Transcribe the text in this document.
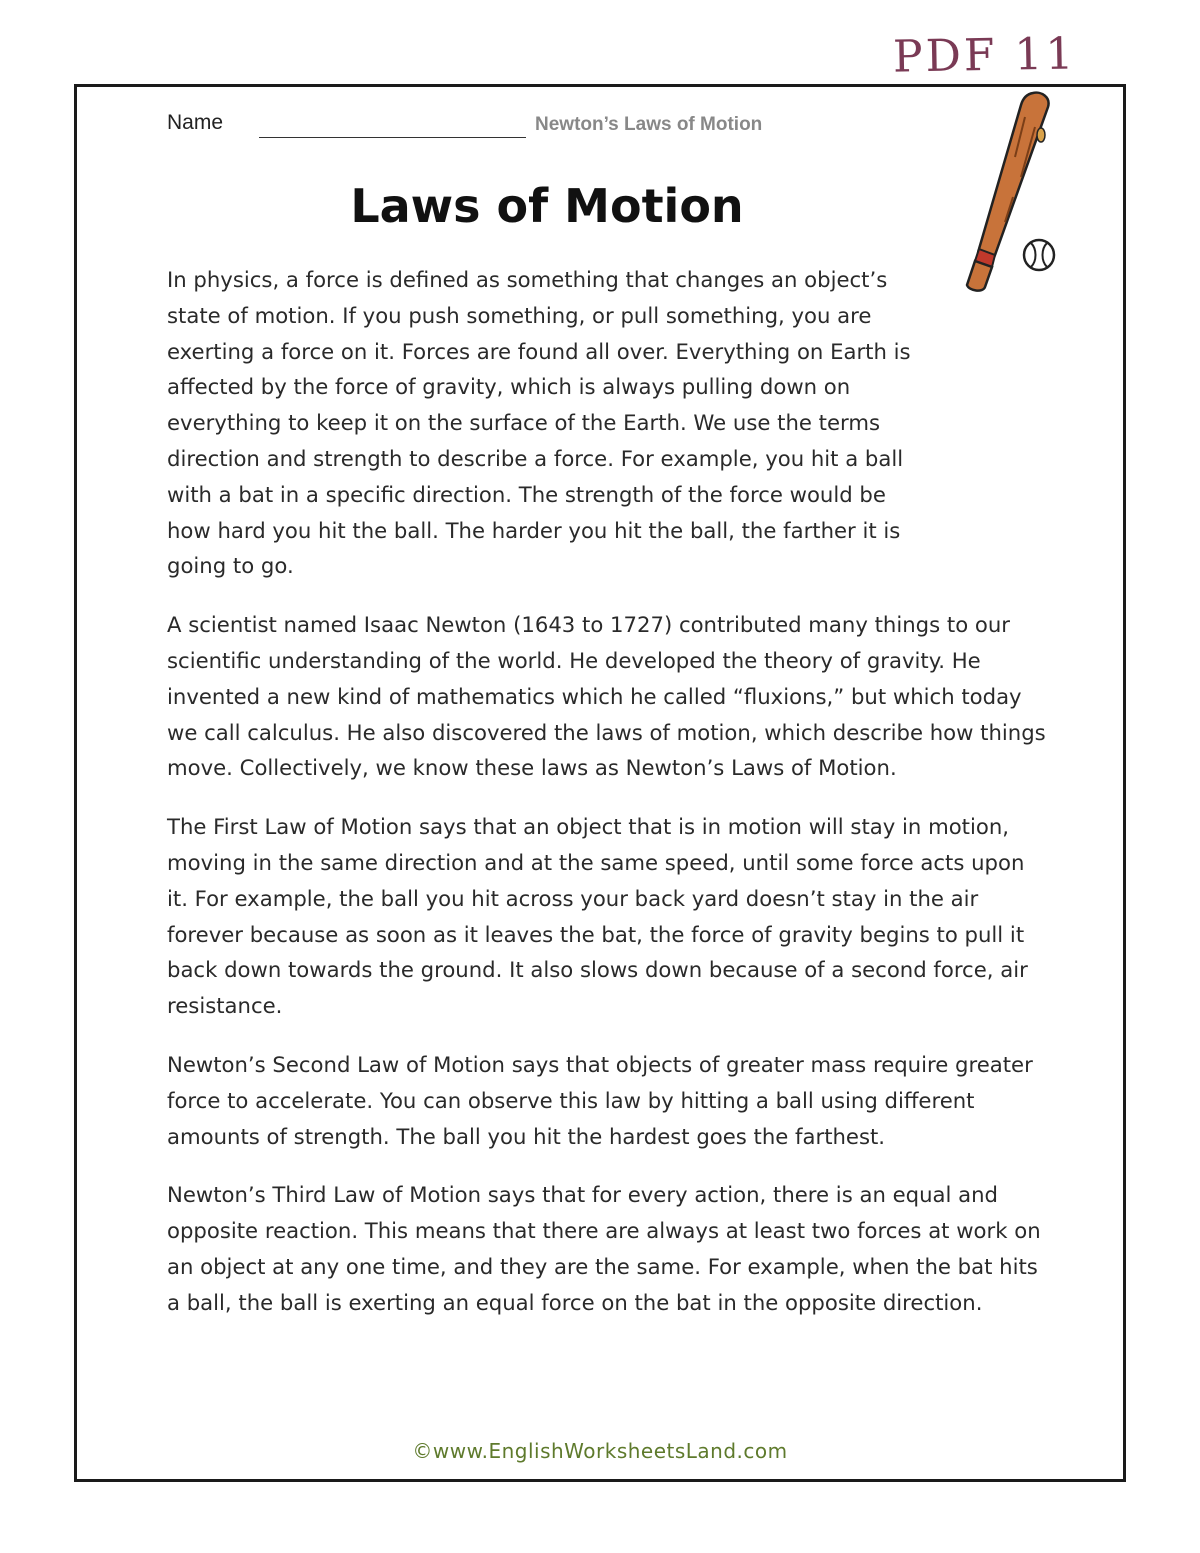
PDF 11
Name	Newton’s Laws of Motion
Laws of Motion

In physics, a force is defined as something that changes an object’s state of motion. If you push something, or pull something, you are exerting a force on it. Forces are found all over. Everything on Earth is affected by the force of gravity, which is always pulling down on everything to keep it on the surface of the Earth. We use the terms direction and strength to describe a force. For example, you hit a ball with a bat in a specific direction. The strength of the force would be how hard you hit the ball. The harder you hit the ball, the farther it is going to go.

A scientist named Isaac Newton (1643 to 1727) contributed many things to our scientific understanding of the world. He developed the theory of gravity. He invented a new kind of mathematics which he called “fluxions,” but which today we call calculus. He also discovered the laws of motion, which describe how things move. Collectively, we know these laws as Newton’s Laws of Motion.

The First Law of Motion says that an object that is in motion will stay in motion, moving in the same direction and at the same speed, until some force acts upon it. For example, the ball you hit across your back yard doesn’t stay in the air forever because as soon as it leaves the bat, the force of gravity begins to pull it back down towards the ground. It also slows down because of a second force, air resistance.

Newton’s Second Law of Motion says that objects of greater mass require greater force to accelerate. You can observe this law by hitting a ball using different amounts of strength. The ball you hit the hardest goes the farthest.

Newton’s Third Law of Motion says that for every action, there is an equal and opposite reaction. This means that there are always at least two forces at work on an object at any one time, and they are the same. For example, when the bat hits a ball, the ball is exerting an equal force on the bat in the opposite direction.

©www.EnglishWorksheetsLand.com
